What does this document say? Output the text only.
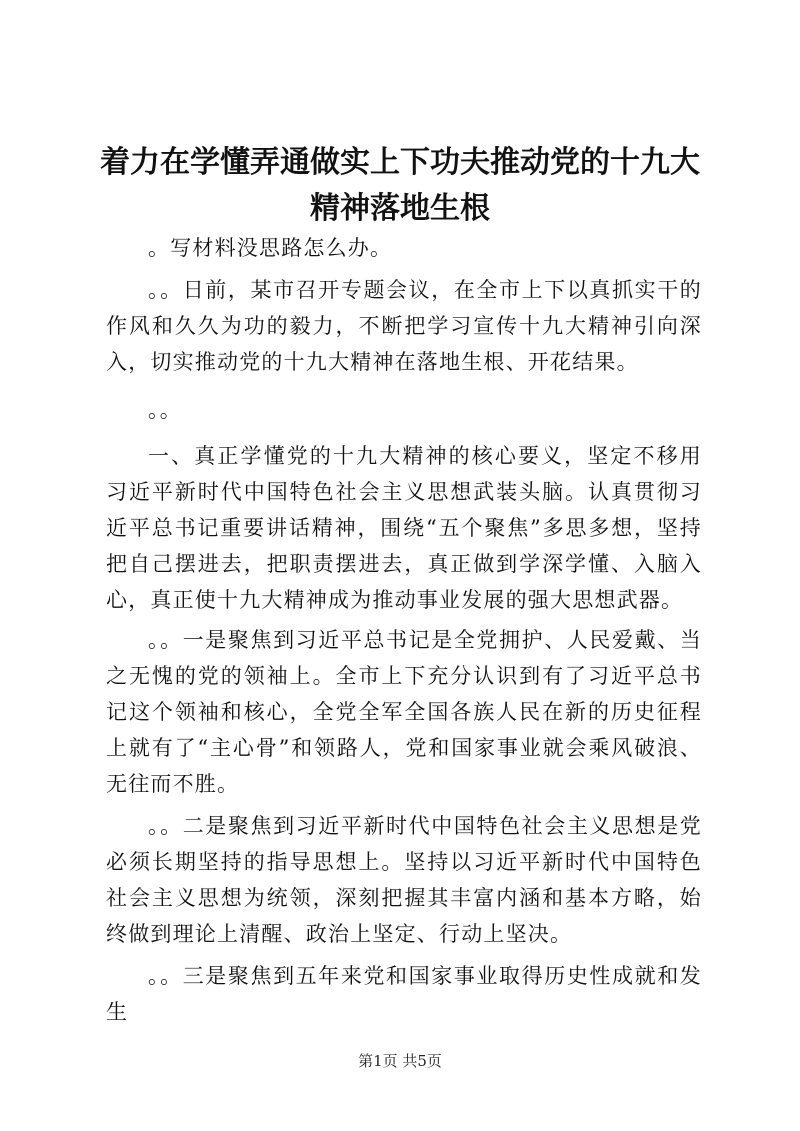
着力在学懂弄通做实上下功夫推动党的十九大
精神落地生根

。写材料没思路怎么办。

。。日前，某市召开专题会议，在全市上下以真抓实干的作风和久久为功的毅力，不断把学习宣传十九大精神引向深入，切实推动党的十九大精神在落地生根、开花结果。

。。

一、真正学懂党的十九大精神的核心要义，坚定不移用习近平新时代中国特色社会主义思想武装头脑。认真贯彻习近平总书记重要讲话精神，围绕“五个聚焦”多思多想，坚持把自己摆进去，把职责摆进去，真正做到学深学懂、入脑入心，真正使十九大精神成为推动事业发展的强大思想武器。

。。一是聚焦到习近平总书记是全党拥护、人民爱戴、当之无愧的党的领袖上。全市上下充分认识到有了习近平总书记这个领袖和核心，全党全军全国各族人民在新的历史征程上就有了“主心骨”和领路人，党和国家事业就会乘风破浪、无往而不胜。

。。二是聚焦到习近平新时代中国特色社会主义思想是党必须长期坚持的指导思想上。坚持以习近平新时代中国特色社会主义思想为统领，深刻把握其丰富内涵和基本方略，始终做到理论上清醒、政治上坚定、行动上坚决。

。。三是聚焦到五年来党和国家事业取得历史性成就和发生

第1页 共5页
